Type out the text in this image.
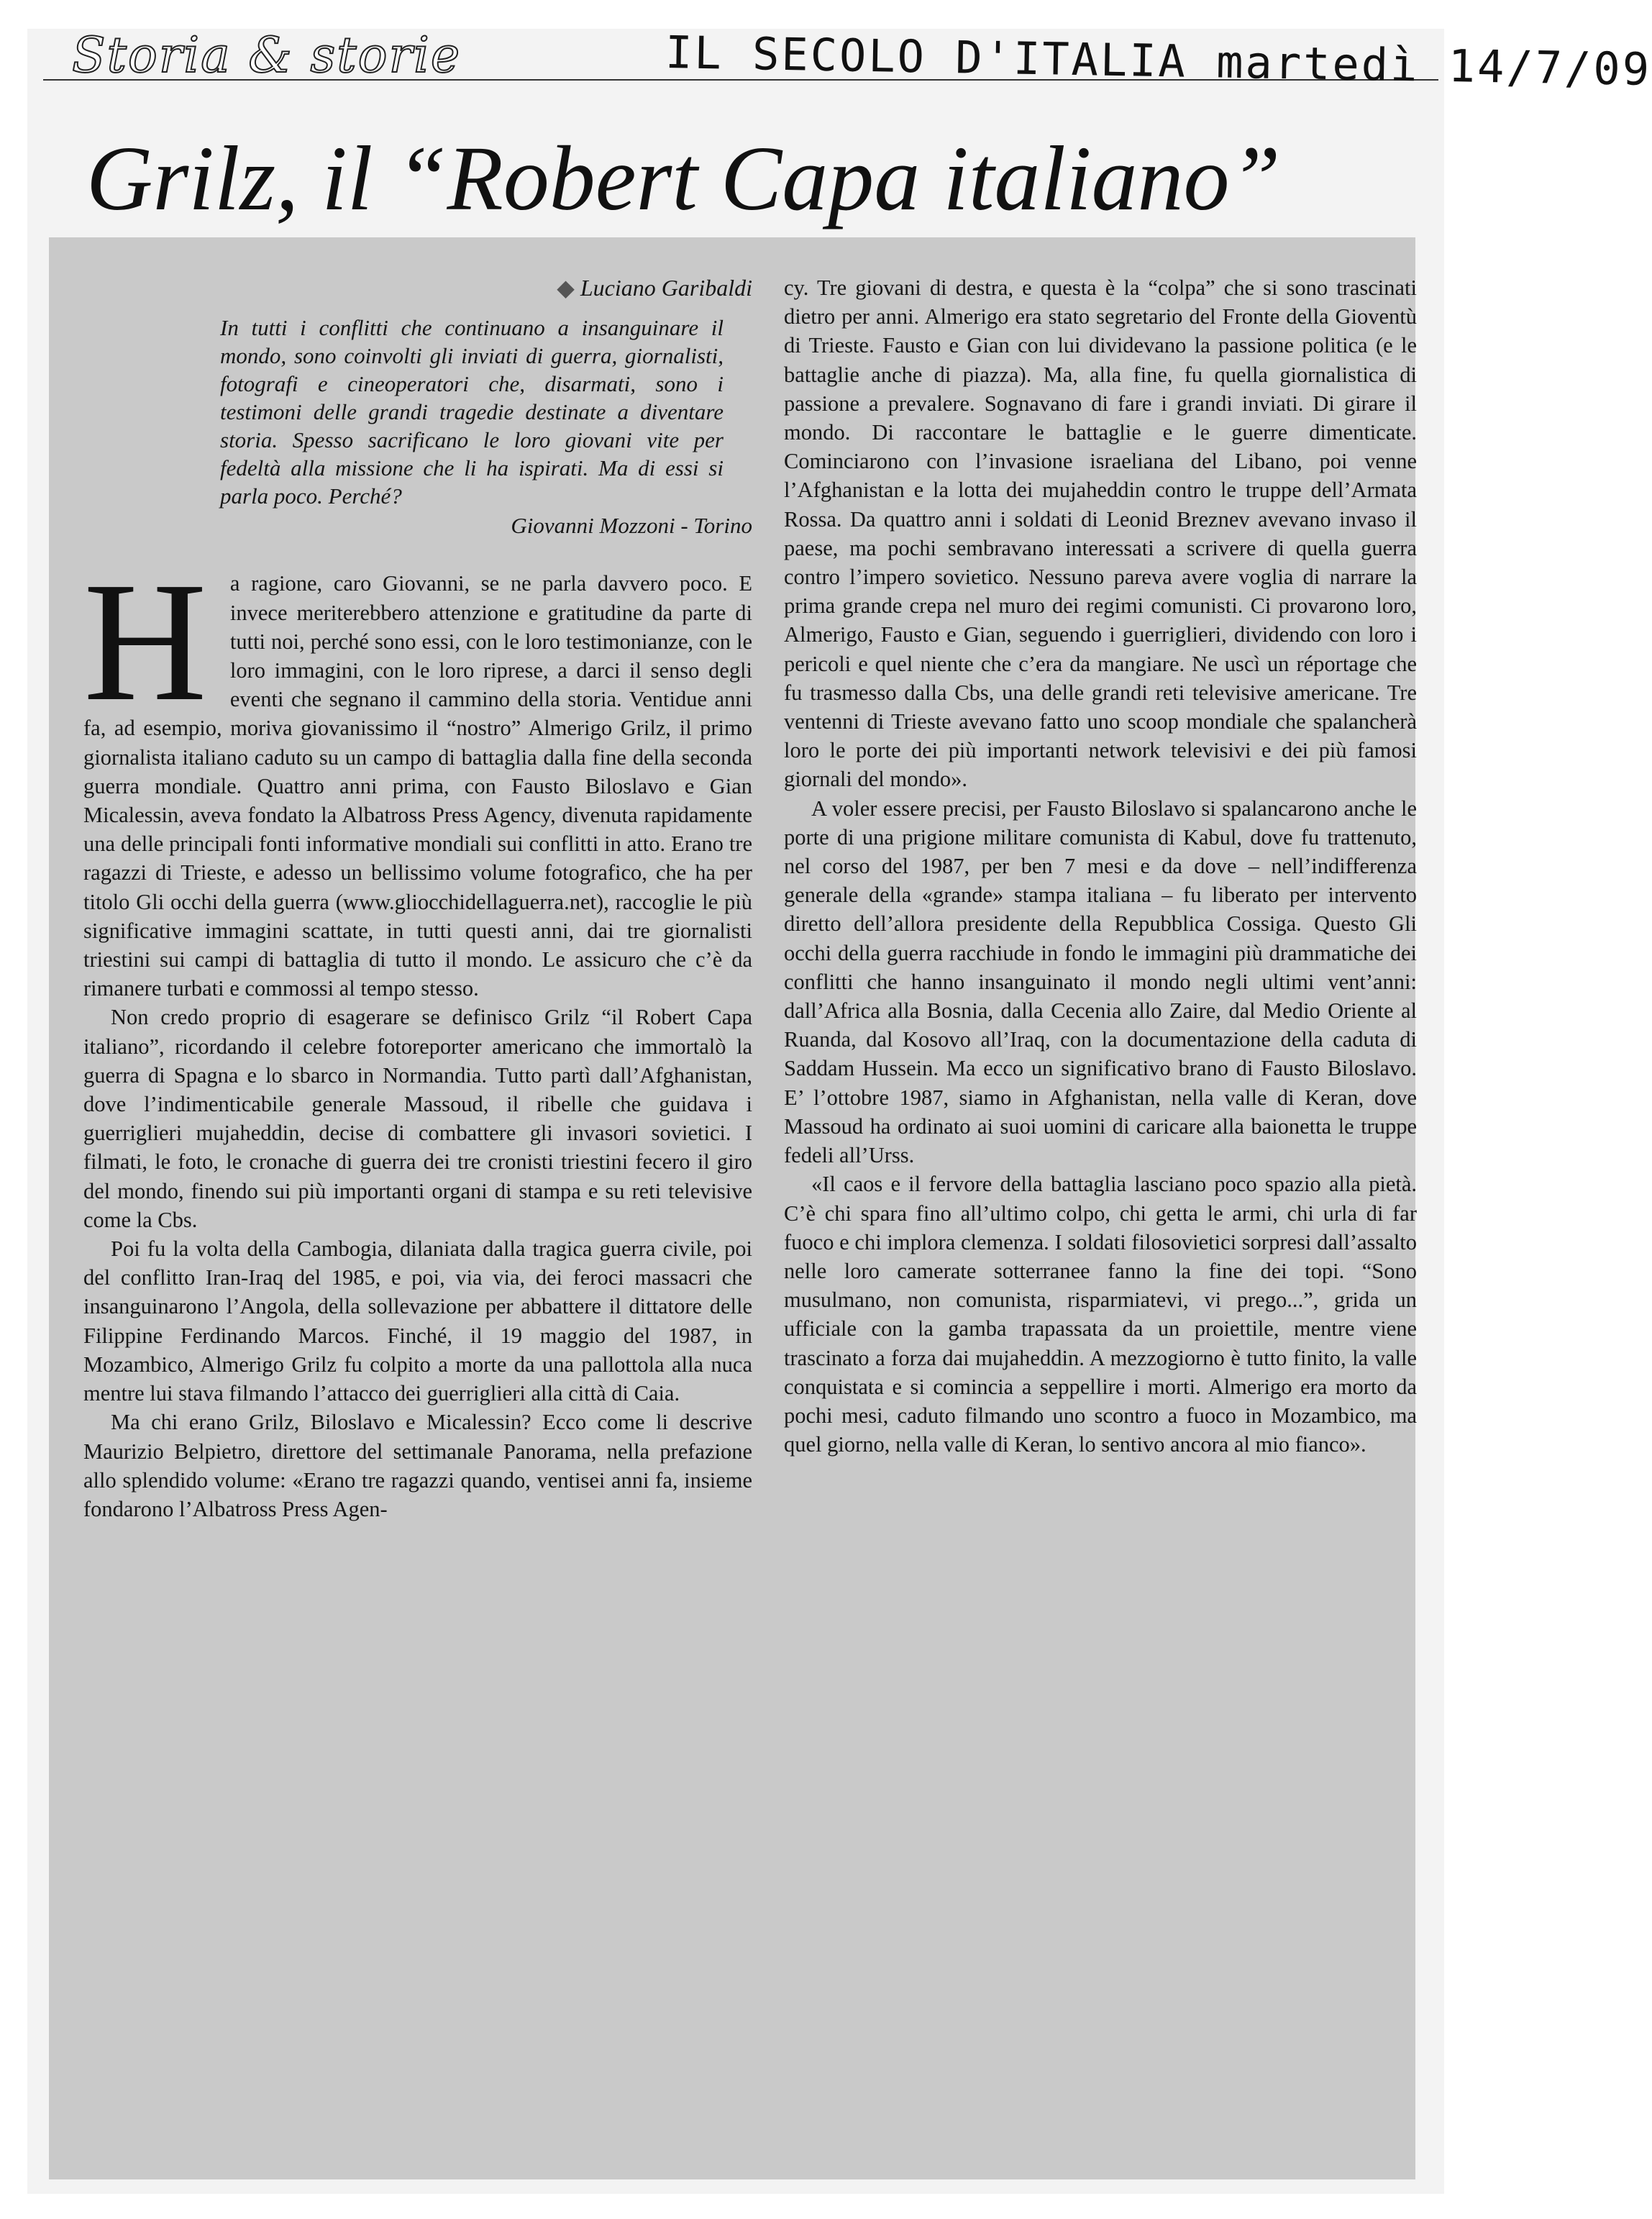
Storia & storie	IL SECOLO D'ITALIA martedì 14/7/09
Grilz, il “Robert Capa italiano”
◆ Luciano Garibaldi
In tutti i conflitti che continuano a insanguinare il mondo, sono coinvolti gli inviati di guerra, giornalisti, fotografi e cineoperatori che, disarmati, sono i testimoni delle grandi tragedie destinate a diventare storia. Spesso sacrificano le loro giovani vite per fedeltà alla missione che li ha ispirati. Ma di essi si parla poco. Perché?
Giovanni Mozzoni - Torino
H	a ragione, caro Giovanni, se ne parla davvero poco. E invece meriterebbero attenzione e gratitudine da parte di tutti noi, perché sono essi, con le loro testimonianze, con le loro immagini, con le loro riprese, a darci il senso degli eventi che segnano il cammino della storia. Ventidue anni fa, ad esempio, moriva giovanissimo il “nostro” Almerigo Grilz, il primo giornalista italiano caduto su un campo di battaglia dalla fine della seconda guerra mondiale. Quattro anni prima, con Fausto Biloslavo e Gian Micalessin, aveva fondato la Albatross Press Agency, divenuta rapidamente una delle principali fonti informative mondiali sui conflitti in atto. Erano tre ragazzi di Trieste, e adesso un bellissimo volume fotografico, che ha per titolo Gli occhi della guerra (www.gliocchidellaguerra.net), raccoglie le più significative immagini scattate, in tutti questi anni, dai tre giornalisti triestini sui campi di battaglia di tutto il mondo. Le assicuro che c’è da rimanere turbati e commossi al tempo stesso.

Non credo proprio di esagerare se definisco Grilz “il Robert Capa italiano”, ricordando il celebre fotoreporter americano che immortalò la guerra di Spagna e lo sbarco in Normandia. Tutto partì dall’Afghanistan, dove l’indimenticabile generale Massoud, il ribelle che guidava i guerriglieri mujaheddin, decise di combattere gli invasori sovietici. I filmati, le foto, le cronache di guerra dei tre cronisti triestini fecero il giro del mondo, finendo sui più importanti organi di stampa e su reti televisive come la Cbs.

Poi fu la volta della Cambogia, dilaniata dalla tragica guerra civile, poi del conflitto Iran-Iraq del 1985, e poi, via via, dei feroci massacri che insanguinarono l’Angola, della sollevazione per abbattere il dittatore delle Filippine Ferdinando Marcos. Finché, il 19 maggio del 1987, in Mozambico, Almerigo Grilz fu colpito a morte da una pallottola alla nuca mentre lui stava filmando l’attacco dei guerriglieri alla città di Caia.

Ma chi erano Grilz, Biloslavo e Micalessin? Ecco come li descrive Maurizio Belpietro, direttore del settimanale Panorama, nella prefazione allo splendido volume: «Erano tre ragazzi quando, ventisei anni fa, insieme fondarono l’Albatross Press Agen-

cy. Tre giovani di destra, e questa è la “colpa” che si sono trascinati dietro per anni. Almerigo era stato segretario del Fronte della Gioventù di Trieste. Fausto e Gian con lui dividevano la passione politica (e le battaglie anche di piazza). Ma, alla fine, fu quella giornalistica di passione a prevalere. Sognavano di fare i grandi inviati. Di girare il mondo. Di raccontare le battaglie e le guerre dimenticate. Cominciarono con l’invasione israeliana del Libano, poi venne l’Afghanistan e la lotta dei mujaheddin contro le truppe dell’Armata Rossa. Da quattro anni i soldati di Leonid Breznev avevano invaso il paese, ma pochi sembravano interessati a scrivere di quella guerra contro l’impero sovietico. Nessuno pareva avere voglia di narrare la prima grande crepa nel muro dei regimi comunisti. Ci provarono loro, Almerigo, Fausto e Gian, seguendo i guerriglieri, dividendo con loro i pericoli e quel niente che c’era da mangiare. Ne uscì un réportage che fu trasmesso dalla Cbs, una delle grandi reti televisive americane. Tre ventenni di Trieste avevano fatto uno scoop mondiale che spalancherà loro le porte dei più importanti network televisivi e dei più famosi giornali del mondo».

A voler essere precisi, per Fausto Biloslavo si spalancarono anche le porte di una prigione militare comunista di Kabul, dove fu trattenuto, nel corso del 1987, per ben 7 mesi e da dove – nell’indifferenza generale della «grande» stampa italiana – fu liberato per intervento diretto dell’allora presidente della Repubblica Cossiga. Questo Gli occhi della guerra racchiude in fondo le immagini più drammatiche dei conflitti che hanno insanguinato il mondo negli ultimi vent’anni: dall’Africa alla Bosnia, dalla Cecenia allo Zaire, dal Medio Oriente al Ruanda, dal Kosovo all’Iraq, con la documentazione della caduta di Saddam Hussein. Ma ecco un significativo brano di Fausto Biloslavo. E’ l’ottobre 1987, siamo in Afghanistan, nella valle di Keran, dove Massoud ha ordinato ai suoi uomini di caricare alla baionetta le truppe fedeli all’Urss.

«Il caos e il fervore della battaglia lasciano poco spazio alla pietà. C’è chi spara fino all’ultimo colpo, chi getta le armi, chi urla di far fuoco e chi implora clemenza. I soldati filosovietici sorpresi dall’assalto nelle loro camerate sotterranee fanno la fine dei topi. “Sono musulmano, non comunista, risparmiatevi, vi prego...”, grida un ufficiale con la gamba trapassata da un proiettile, mentre viene trascinato a forza dai mujaheddin. A mezzogiorno è tutto finito, la valle conquistata e si comincia a seppellire i morti. Almerigo era morto da pochi mesi, caduto filmando uno scontro a fuoco in Mozambico, ma quel giorno, nella valle di Keran, lo sentivo ancora al mio fianco».
